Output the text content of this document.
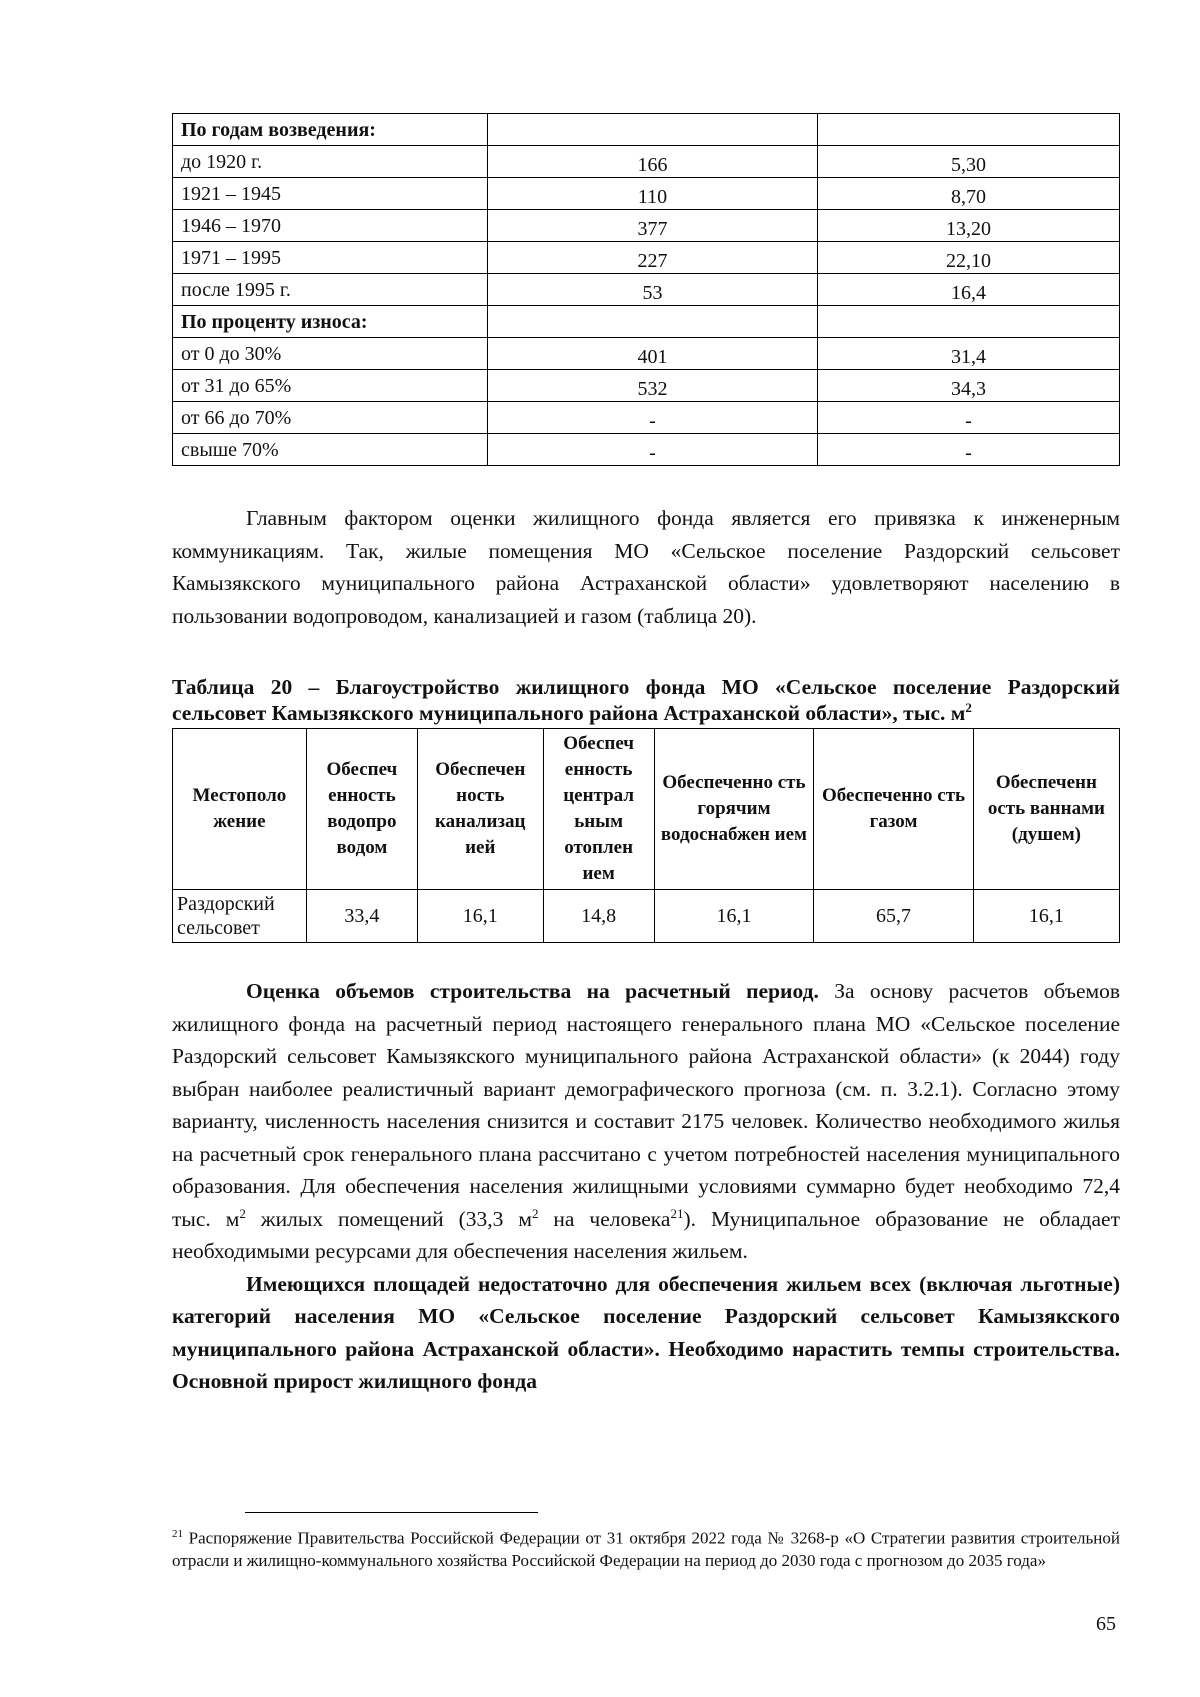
По годам возведения:		
до 1920 г.	166	5,30
1921 – 1945	110	8,70
1946 – 1970	377	13,20
1971 – 1995	227	22,10
после 1995 г.	53	16,4
По проценту износа:		
от 0 до 30%	401	31,4
от 31 до 65%	532	34,3
от 66 до 70%	-	-
свыше 70%	-	-

Главным фактором оценки жилищного фонда является его привязка к инженерным коммуникациям. Так, жилые помещения МО «Сельское поселение Раздорский сельсовет Камызякского муниципального района Астраханской области» удовлетворяют населению в пользовании водопроводом, канализацией и газом (таблица 20).

Таблица 20 – Благоустройство жилищного фонда МО «Сельское поселение Раздорский сельсовет Камызякского муниципального района Астраханской области», тыс. $м^2$
Местополо жение	Обеспеч енность водопро водом	Обеспечен ность канализац ией	Обеспеч енность централ ьным отоплен ием	Обеспеченно сть горячим водоснабжен ием	Обеспеченно сть газом	Обеспеченн ость ваннами (душем)
Раздорский сельсовет	33,4	16,1	14,8	16,1	65,7	16,1

Оценка объемов строительства на расчетный период. За основу расчетов объемов жилищного фонда на расчетный период настоящего генерального плана МО «Сельское поселение Раздорский сельсовет Камызякского муниципального района Астраханской области» (к 2044) году выбран наиболее реалистичный вариант демографического прогноза (см. п. 3.2.1). Согласно этому варианту, численность населения снизится и составит 2175 человек. Количество необходимого жилья на расчетный срок генерального плана рассчитано с учетом потребностей населения муниципального образования. Для обеспечения населения жилищными условиями суммарно будет необходимо 72,4 тыс. $м^2$ жилых помещений (33,3 $м^2$ на человека$^{21}$). Муниципальное образование не обладает необходимыми ресурсами для обеспечения населения жильем.

Имеющихся площадей недостаточно для обеспечения жильем всех (включая льготные) категорий населения МО «Сельское поселение Раздорский сельсовет Камызякского муниципального района Астраханской области». Необходимо нарастить темпы строительства. Основной прирост жилищного фонда

$^{21}$ Распоряжение Правительства Российской Федерации от 31 октября 2022 года № 3268-р «О Стратегии развития строительной отрасли и жилищно-коммунального хозяйства Российской Федерации на период до 2030 года с прогнозом до 2035 года»
65
